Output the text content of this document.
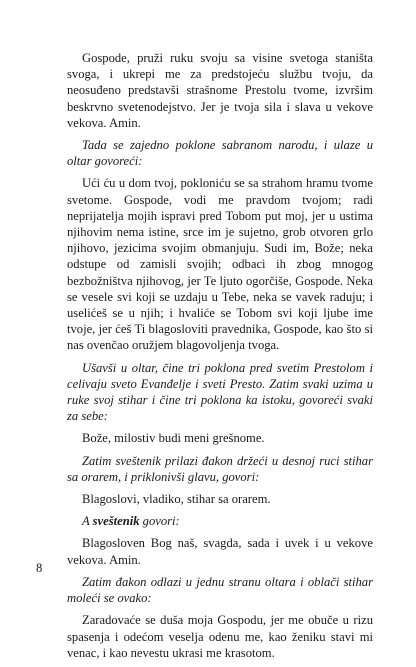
Gospode, pruži ruku svoju sa visine svetoga staništa svoga, i ukrepi me za predstojeću službu tvoju, da neosuđeno predstavši strašnome Prestolu tvome, izvršim beskrvno svetenodejstvo. Jer je tvoja sila i slava u vekove vekova. Amin.

Tada se zajedno poklone sabranom narodu, i ulaze u oltar govoreći:

Ući ću u dom tvoj, pokloniću se sa strahom hramu tvome svetome. Gospode, vodi me pravdom tvojom; radi neprijatelja mojih ispravi pred Tobom put moj, jer u ustima njihovim nema istine, srce im je sujetno, grob otvoren grlo njihovo, jezicima svojim obmanjuju. Sudi im, Bože; neka odstupe od zamisli svojih; odbaci ih zbog mnogog bezbožništva njihovog, jer Te ljuto ogorčiše, Gospode. Neka se vesele svi koji se uzdaju u Tebe, neka se vavek raduju; i uselićeš se u njih; i hvaliće se Tobom svi koji ljube ime tvoje, jer ćeš Ti blagosloviti pravednika, Gospode, kao što si nas ovenčao oružjem blagovoljenja tvoga.

Ušavši u oltar, čine tri poklona pred svetim Prestolom i celivaju sveto Evanđelje i sveti Presto. Zatim svaki uzima u ruke svoj stihar i čine tri poklona ka istoku, govoreći svaki za sebe:

Bože, milostiv budi meni grešnome.

Zatim sveštenik prilazi đakon držeći u desnoj ruci stihar sa orarem, i priklonivši glavu, govori:

Blagoslovi, vladiko, stihar sa orarem.

A sveštenik govori:

Blagosloven Bog naš, svagda, sada i uvek i u vekove vekova. Amin.

Zatim đakon odlazi u jednu stranu oltara i oblači stihar moleći se ovako:

Zaradovaće se duša moja Gospodu, jer me obuče u rizu spasenja i odećom veselja odenu me, kao ženiku stavi mi venac, i kao nevestu ukrasi me krasotom.

8
